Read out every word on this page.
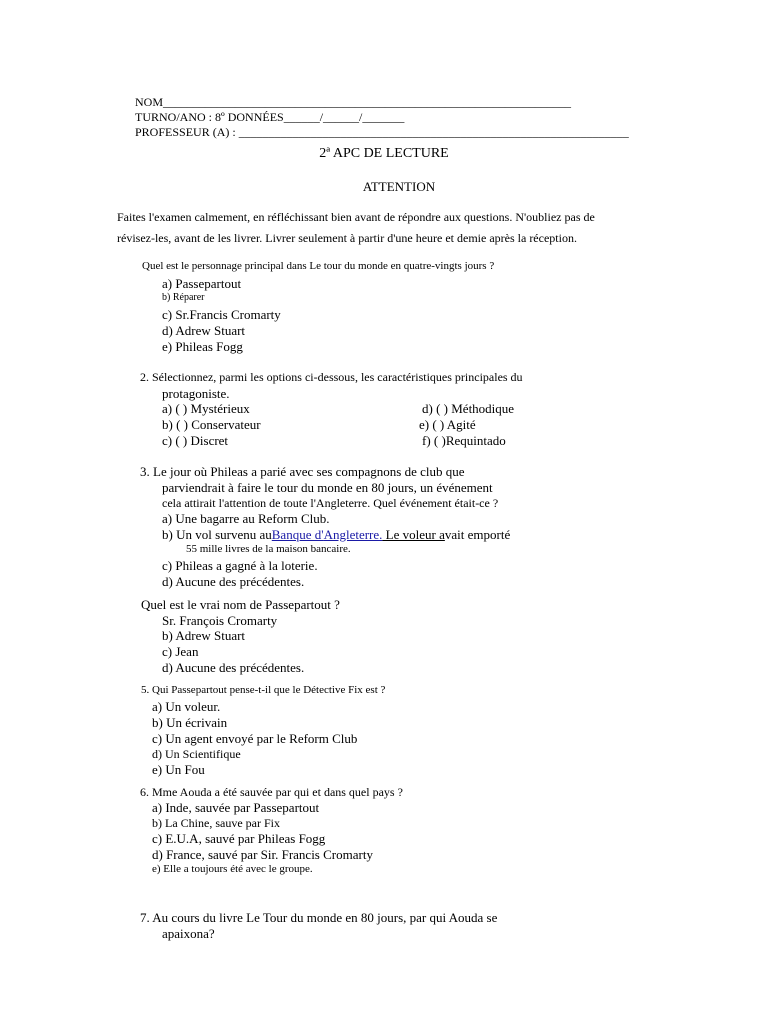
NOM____________________________________________________________________
TURNO/ANO : 8º DONNÉES______/______/_______
PROFESSEUR (A) : _________________________________________________________________
2ª APC DE LECTURE
ATTENTION
Faites l'examen calmement, en réfléchissant bien avant de répondre aux questions. N'oubliez pas de
révisez-les, avant de les livrer. Livrer seulement à partir d'une heure et demie après la réception.
Quel est le personnage principal dans Le tour du monde en quatre-vingts jours ?
a) Passepartout
b) Réparer
c) Sr.Francis Cromarty
d) Adrew Stuart
e) Phileas Fogg
2. Sélectionnez, parmi les options ci-dessous, les caractéristiques principales du
protagoniste.
a) ( ) Mystérieux
b) ( ) Conservateur
c) ( ) Discret
d) ( ) Méthodique
e) ( ) Agité
f) ( )Requintado
3. Le jour où Phileas a parié avec ses compagnons de club que
parviendrait à faire le tour du monde en 80 jours, un événement
cela attirait l'attention de toute l'Angleterre. Quel événement était-ce ?
a) Une bagarre au Reform Club.
b) Un vol survenu auBanque d'Angleterre. Le voleur avait emporté
55 mille livres de la maison bancaire.
c) Phileas a gagné à la loterie.
d) Aucune des précédentes.
Quel est le vrai nom de Passepartout ?
Sr. François Cromarty
b) Adrew Stuart
c) Jean
d) Aucune des précédentes.
5. Qui Passepartout pense-t-il que le Détective Fix est ?
a) Un voleur.
b) Un écrivain
c) Un agent envoyé par le Reform Club
d) Un Scientifique
e) Un Fou
6. Mme Aouda a été sauvée par qui et dans quel pays ?
a) Inde, sauvée par Passepartout
b) La Chine, sauve par Fix
c) E.U.A, sauvé par Phileas Fogg
d) France, sauvé par Sir. Francis Cromarty
e) Elle a toujours été avec le groupe.
7. Au cours du livre Le Tour du monde en 80 jours, par qui Aouda se
apaixona?
